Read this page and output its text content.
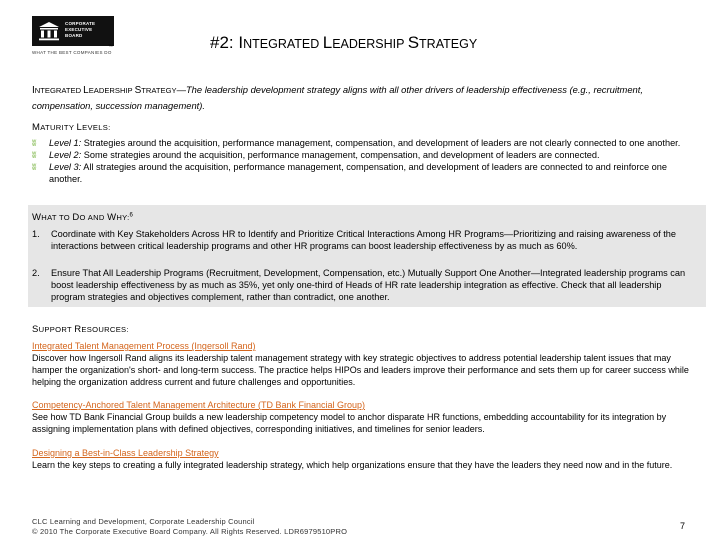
CORPORATE
EXECUTIVE
BOARD
™
WHAT THE BEST COMPANIES DO
#2: INTEGRATED LEADERSHIP STRATEGY
INTEGRATED LEADERSHIP STRATEGY—The leadership development strategy aligns with all other drivers of leadership effectiveness (e.g., recruitment, compensation, succession management).
MATURITY LEVELS:
ʬ Level 1: Strategies around the acquisition, performance management, compensation, and development of leaders are not clearly connected to one another.
ʬ Level 2: Some strategies around the acquisition, performance management, compensation, and development of leaders are connected.
ʬ Level 3: All strategies around the acquisition, performance management, compensation, and development of leaders are connected to and reinforce one another.
WHAT TO DO AND WHY:$^6$
1. Coordinate with Key Stakeholders Across HR to Identify and Prioritize Critical Interactions Among HR Programs—Prioritizing and raising awareness of the interactions between critical leadership programs and other HR programs can boost leadership effectiveness by as much as 60%.
2. Ensure That All Leadership Programs (Recruitment, Development, Compensation, etc.) Mutually Support One Another—Integrated leadership programs can boost leadership effectiveness by as much as 35%, yet only one-third of Heads of HR rate leadership integration as effective. Check that all leadership program strategies and objectives complement, rather than contradict, one another.
SUPPORT RESOURCES:
Integrated Talent Management Process (Ingersoll Rand)
Discover how Ingersoll Rand aligns its leadership talent management strategy with key strategic objectives to address potential leadership talent issues that may hamper the organization's short- and long-term success. The practice helps HIPOs and leaders improve their performance and sets them up for career success while helping the organization address current and future challenges and opportunities.
Competency-Anchored Talent Management Architecture (TD Bank Financial Group)
See how TD Bank Financial Group builds a new leadership competency model to anchor disparate HR functions, embedding accountability for its integration by assigning implementation plans with defined objectives, corresponding initiatives, and timelines for senior leaders.
Designing a Best-in-Class Leadership Strategy
Learn the key steps to creating a fully integrated leadership strategy, which help organizations ensure that they have the leaders they need now and in the future.
CLC Learning and Development, Corporate Leadership Council
© 2010 The Corporate Executive Board Company. All Rights Reserved. LDR6979510PRO
7
